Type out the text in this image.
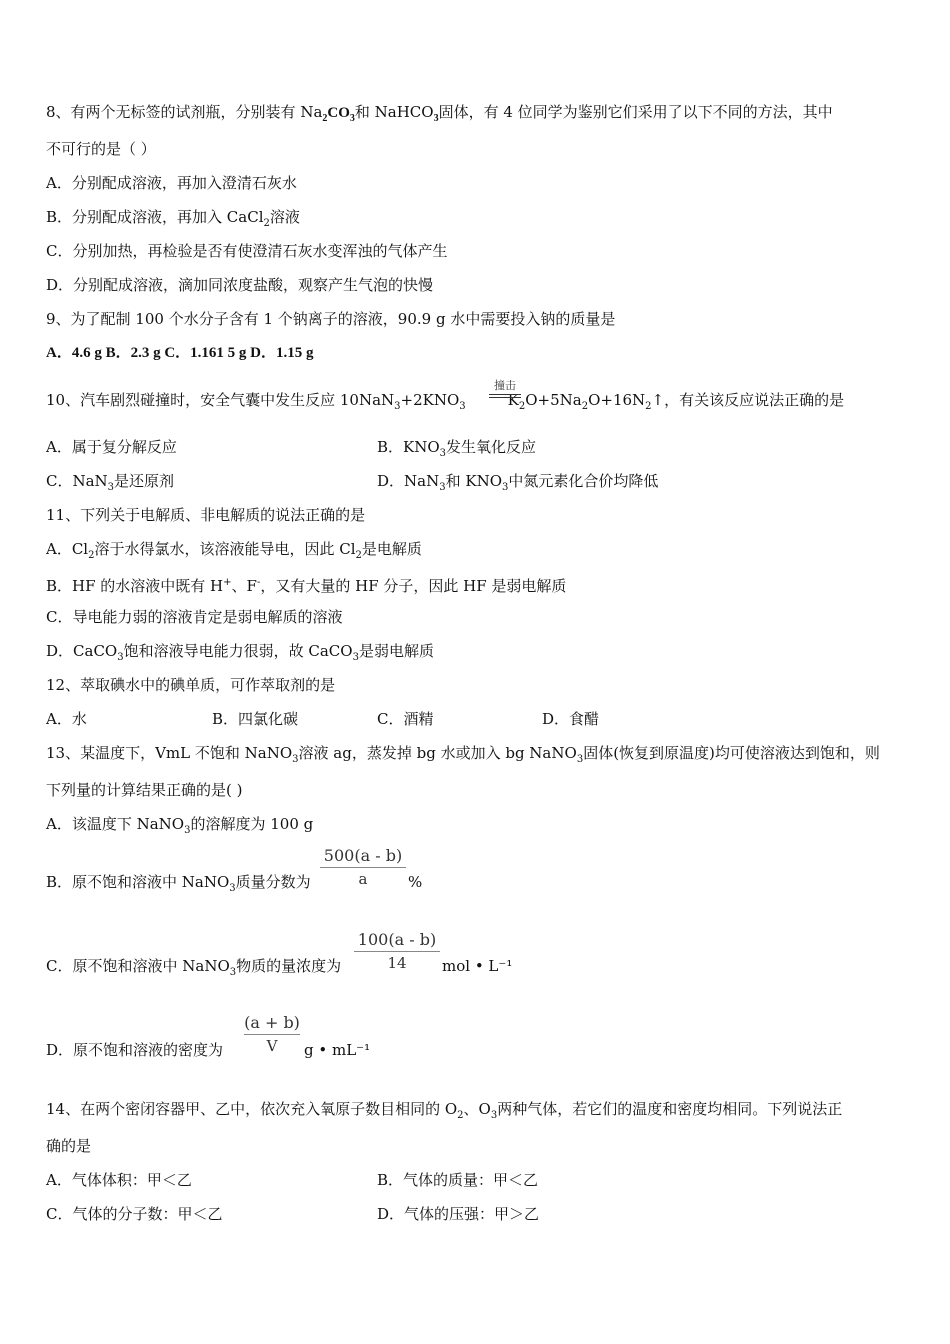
8、有两个无标签的试剂瓶，分别装有 $Na_2CO_3$和 NaHCO$_3$固体，有 4 位同学为鉴别它们采用了以下不同的方法，其中
不可行的是（ ）
A．分别配成溶液，再加入澄清石灰水
B．分别配成溶液，再加入 CaCl$_2$溶液
C．分别加热，再检验是否有使澄清石灰水变浑浊的气体产生
D．分别配成溶液，滴加同浓度盐酸，观察产生气泡的快慢
9、为了配制 100 个水分子含有 1 个钠离子的溶液，90.9 g 水中需要投入钠的质量是
A．4.6 g B．2.3 g C．1.161 5 g D．1.15 g
10、汽车剧烈碰撞时，安全气囊中发生反应 $10NaN_3+2KNO_3$	$K_2O+5Na_2O+16N_2↑$，有关该反应说法正确的是
撞击
A．属于复分解反应	B．$KNO_3$发生氧化反应
C．NaN$_3$是还原剂	D．NaN$_3$和 $KNO_3$中氮元素化合价均降低
11、下列关于电解质、非电解质的说法正确的是
A．$Cl_2$溶于水得氯水，该溶液能导电，因此 $Cl_2$是电解质
B．HF 的水溶液中既有 H+、F-，又有大量的 HF 分子，因此 HF 是弱电解质
C．导电能力弱的溶液肯定是弱电解质的溶液
D．CaCO$_3$饱和溶液导电能力很弱，故 CaCO$_3$是弱电解质
12、萃取碘水中的碘单质，可作萃取剂的是
A．水	B．四氯化碳	C．酒精	D．食醋
13、某温度下，VmL 不饱和 NaNO$_3$溶液 ag，蒸发掉 bg 水或加入 bg NaNO$_3$固体(恢复到原温度)均可使溶液达到饱和，则
下列量的计算结果正确的是( )
A．该温度下 NaNO$_3$的溶解度为 100 g
B．原不饱和溶液中 NaNO$_3$质量分数为
500(a - b)
a	%
C．原不饱和溶液中 NaNO$_3$物质的量浓度为
100(a - b)
14	mol • L⁻¹
D．原不饱和溶液的密度为
(a + b)
V	g • mL⁻¹
14、在两个密闭容器甲、乙中，依次充入氧原子数目相同的 $O_2$、$O_3$两种气体，若它们的温度和密度均相同。下列说法正
确的是
A．气体体积：甲＜乙	B．气体的质量：甲＜乙
C．气体的分子数：甲＜乙	D．气体的压强：甲＞乙
